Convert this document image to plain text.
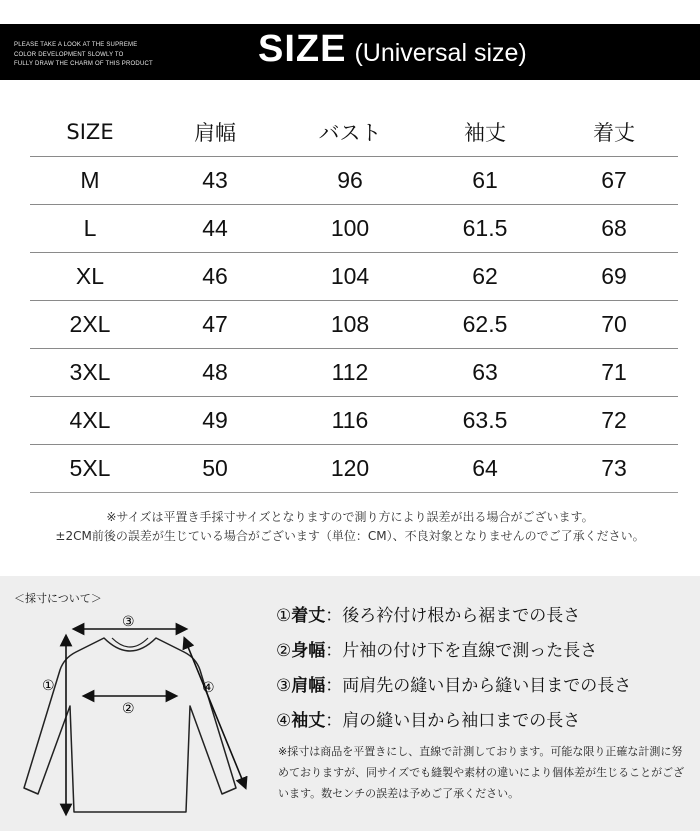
PLEASE TAKE A LOOK AT THE SUPREME
COLOR DEVELOPMENT SLOWLY TO
FULLY DRAW THE CHARM OF THIS PRODUCT	SIZE (Universal size)
SIZE	肩幅	バスト	袖丈	着丈
M	43	96	61	67
L	44	100	61.5	68
XL	46	104	62	69
2XL	47	108	62.5	70
3XL	48	112	63	71
4XL	49	116	63.5	72
5XL	50	120	64	73
※サイズは平置き手採寸サイズとなりますので測り方により誤差が出る場合がございます。
±2CM前後の誤差が生じている場合がございます（単位：CM）、不良対象となりませんのでご了承ください。
＜採寸について＞
③
①
②
④
①着丈：後ろ衿付け根から裾までの長さ
②身幅：片袖の付け下を直線で測った長さ
③肩幅：両肩先の縫い目から縫い目までの長さ
④袖丈：肩の縫い目から袖口までの長さ
※採寸は商品を平置きにし、直線で計測しております。可能な限り正確な計測に努めておりますが、同サイズでも縫製や素材の違いにより個体差が生じることがございます。数センチの誤差は予めご了承ください。
